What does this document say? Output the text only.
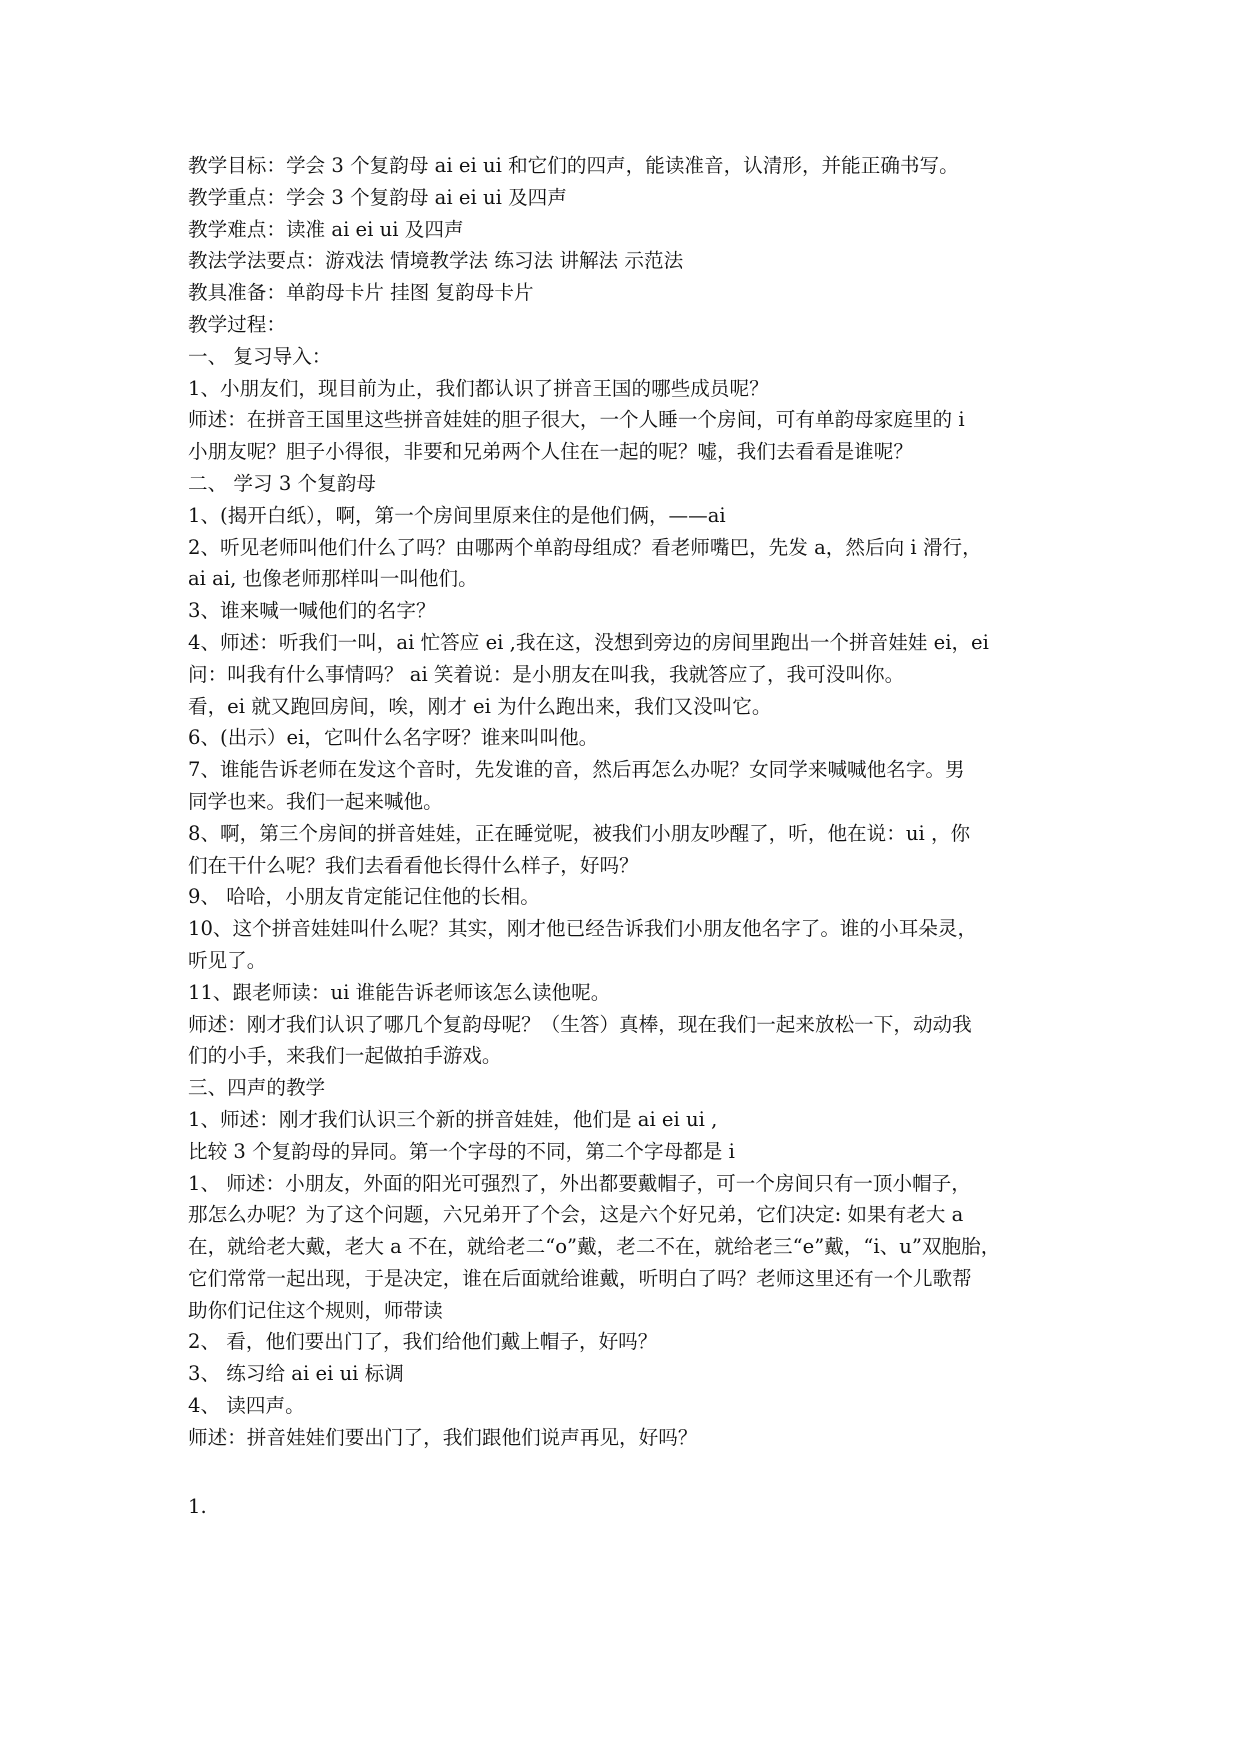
教学目标：学会 3 个复韵母 ai ei ui 和它们的四声，能读准音，认清形，并能正确书写。
教学重点：学会 3 个复韵母 ai ei ui 及四声
教学难点：读准 ai ei ui 及四声
教法学法要点：游戏法 情境教学法 练习法 讲解法 示范法
教具准备：单韵母卡片 挂图 复韵母卡片
教学过程：
一、 复习导入：
1、小朋友们，现目前为止，我们都认识了拼音王国的哪些成员呢？
师述：在拼音王国里这些拼音娃娃的胆子很大，一个人睡一个房间，可有单韵母家庭里的 i
小朋友呢？胆子小得很，非要和兄弟两个人住在一起的呢？嘘，我们去看看是谁呢？
二、 学习 3 个复韵母
1、(揭开白纸），啊，第一个房间里原来住的是他们俩，——ai
2、听见老师叫他们什么了吗？由哪两个单韵母组成？看老师嘴巴，先发 a，然后向 i 滑行，
ai ai, 也像老师那样叫一叫他们。
3、谁来喊一喊他们的名字？
4、师述：听我们一叫，ai 忙答应 ei ,我在这，没想到旁边的房间里跑出一个拼音娃娃 ei，ei
问：叫我有什么事情吗？ ai 笑着说：是小朋友在叫我，我就答应了，我可没叫你。
看，ei 就又跑回房间，唉，刚才 ei 为什么跑出来，我们又没叫它。
6、(出示）ei，它叫什么名字呀？谁来叫叫他。
7、谁能告诉老师在发这个音时，先发谁的音，然后再怎么办呢？女同学来喊喊他名字。男
同学也来。我们一起来喊他。
8、啊，第三个房间的拼音娃娃，正在睡觉呢，被我们小朋友吵醒了，听，他在说：ui ，你
们在干什么呢？我们去看看他长得什么样子，好吗？
9、 哈哈，小朋友肯定能记住他的长相。
10、这个拼音娃娃叫什么呢？其实，刚才他已经告诉我们小朋友他名字了。谁的小耳朵灵，
听见了。
11、跟老师读：ui 谁能告诉老师该怎么读他呢。
师述：刚才我们认识了哪几个复韵母呢？（生答）真棒，现在我们一起来放松一下，动动我
们的小手，来我们一起做拍手游戏。
三、四声的教学
1、师述：刚才我们认识三个新的拼音娃娃，他们是 ai ei ui ,
比较 3 个复韵母的异同。第一个字母的不同，第二个字母都是 i
1、 师述：小朋友，外面的阳光可强烈了，外出都要戴帽子，可一个房间只有一顶小帽子，
那怎么办呢？为了这个问题，六兄弟开了个会，这是六个好兄弟，它们决定: 如果有老大 a
在，就给老大戴，老大 a 不在，就给老二“o”戴，老二不在，就给老三“e”戴，“i、u”双胞胎，
它们常常一起出现，于是决定，谁在后面就给谁戴，听明白了吗？老师这里还有一个儿歌帮
助你们记住这个规则，师带读
2、 看，他们要出门了，我们给他们戴上帽子，好吗？
3、 练习给 ai ei ui 标调
4、 读四声。
师述：拼音娃娃们要出门了，我们跟他们说声再见，好吗？
1.
